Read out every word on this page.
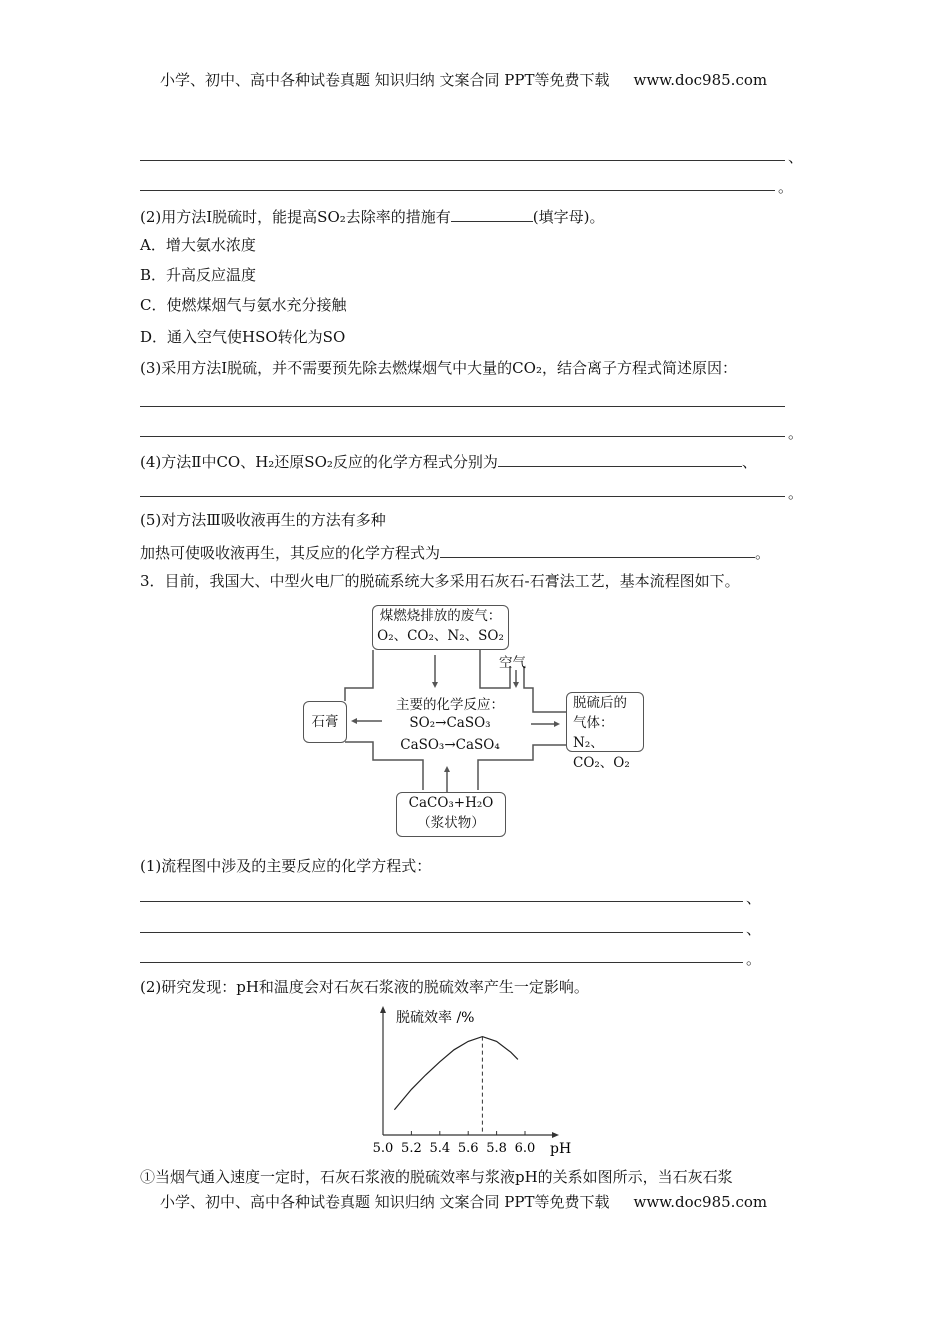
小学、初中、高中各种试卷真题 知识归纳 文案合同 PPT等免费下载 www.doc985.com
、
。
(2)用方法Ⅰ脱硫时，能提高SO₂去除率的措施有	(填字母)。
A．增大氨水浓度
B．升高反应温度
C．使燃煤烟气与氨水充分接触
D．通入空气使HSO转化为SO
(3)采用方法Ⅰ脱硫，并不需要预先除去燃煤烟气中大量的CO₂，结合离子方程式简述原因：
。
(4)方法Ⅱ中CO、H₂还原SO₂反应的化学方程式分别为	、
。
(5)对方法Ⅲ吸收液再生的方法有多种
加热可使吸收液再生，其反应的化学方程式为	。
3．目前，我国大、中型火电厂的脱硫系统大多采用石灰石-石膏法工艺，基本流程图如下。
煤燃烧排放的废气：
O₂、CO₂、N₂、SO₂
空气
主要的化学反应：
SO₂→CaSO₃
CaSO₃→CaSO₄
石膏
脱硫后的
气体：N₂、
CO₂、O₂
CaCO₃+H₂O
（浆状物）
(1)流程图中涉及的主要反应的化学方程式：
、
、
。
(2)研究发现：pH和温度会对石灰石浆液的脱硫效率产生一定影响。
脱硫效率 /%
pH
5.0 5.2 5.4 5.6 5.8 6.0
①当烟气通入速度一定时，石灰石浆液的脱硫效率与浆液pH的关系如图所示，当石灰石浆
小学、初中、高中各种试卷真题 知识归纳 文案合同 PPT等免费下载 www.doc985.com
